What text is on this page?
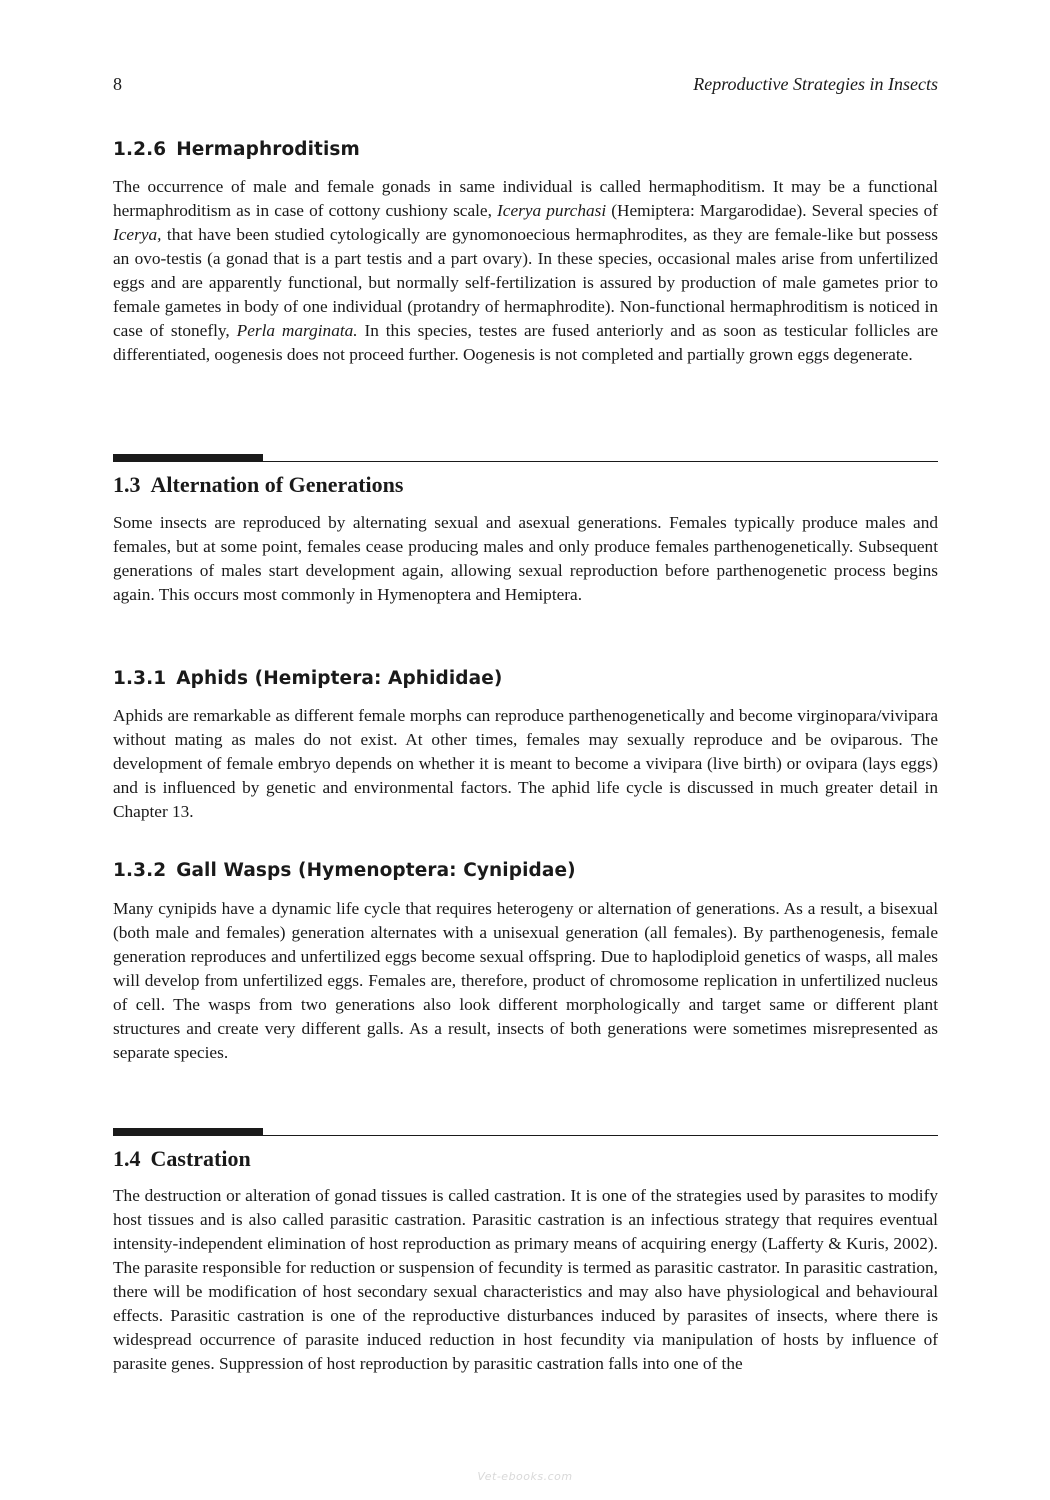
8	Reproductive Strategies in Insects
1.2.6 Hermaphroditism

The occurrence of male and female gonads in same individual is called hermaphoditism. It may be a functional hermaphroditism as in case of cottony cushiony scale, Icerya purchasi (Hemiptera: Margarodidae). Several species of Icerya, that have been studied cytologically are gynomonoecious hermaphrodites, as they are female-like but possess an ovo-testis (a gonad that is a part testis and a part ovary). In these species, occasional males arise from unfertilized eggs and are apparently functional, but normally self-fertilization is assured by production of male gametes prior to female gametes in body of one individual (protandry of hermaphrodite). Non-functional hermaphroditism is noticed in case of stonefly, Perla marginata. In this species, testes are fused anteriorly and as soon as testicular follicles are differentiated, oogenesis does not proceed further. Oogenesis is not completed and partially grown eggs degenerate.

1.3 Alternation of Generations

Some insects are reproduced by alternating sexual and asexual generations. Females typically produce males and females, but at some point, females cease producing males and only produce females parthenogenetically. Subsequent generations of males start development again, allowing sexual reproduction before parthenogenetic process begins again. This occurs most commonly in Hymenoptera and Hemiptera.

1.3.1 Aphids (Hemiptera: Aphididae)

Aphids are remarkable as different female morphs can reproduce parthenogenetically and become virginopara/vivipara without mating as males do not exist. At other times, females may sexually reproduce and be oviparous. The development of female embryo depends on whether it is meant to become a vivipara (live birth) or ovipara (lays eggs) and is influenced by genetic and environmental factors. The aphid life cycle is discussed in much greater detail in Chapter 13.

1.3.2 Gall Wasps (Hymenoptera: Cynipidae)

Many cynipids have a dynamic life cycle that requires heterogeny or alternation of generations. As a result, a bisexual (both male and females) generation alternates with a unisexual generation (all females). By parthenogenesis, female generation reproduces and unfertilized eggs become sexual offspring. Due to haplodiploid genetics of wasps, all males will develop from unfertilized eggs. Females are, therefore, product of chromosome replication in unfertilized nucleus of cell. The wasps from two generations also look different morphologically and target same or different plant structures and create very different galls. As a result, insects of both generations were sometimes misrepresented as separate species.

1.4 Castration

The destruction or alteration of gonad tissues is called castration. It is one of the strategies used by parasites to modify host tissues and is also called parasitic castration. Parasitic castration is an infectious strategy that requires eventual intensity-independent elimination of host reproduction as primary means of acquiring energy (Lafferty & Kuris, 2002). The parasite responsible for reduction or suspension of fecundity is termed as parasitic castrator. In parasitic castration, there will be modification of host secondary sexual characteristics and may also have physiological and behavioural effects. Parasitic castration is one of the reproductive disturbances induced by parasites of insects, where there is widespread occurrence of parasite induced reduction in host fecundity via manipulation of hosts by influence of parasite genes. Suppression of host reproduction by parasitic castration falls into one of the

Vet-ebooks.com
